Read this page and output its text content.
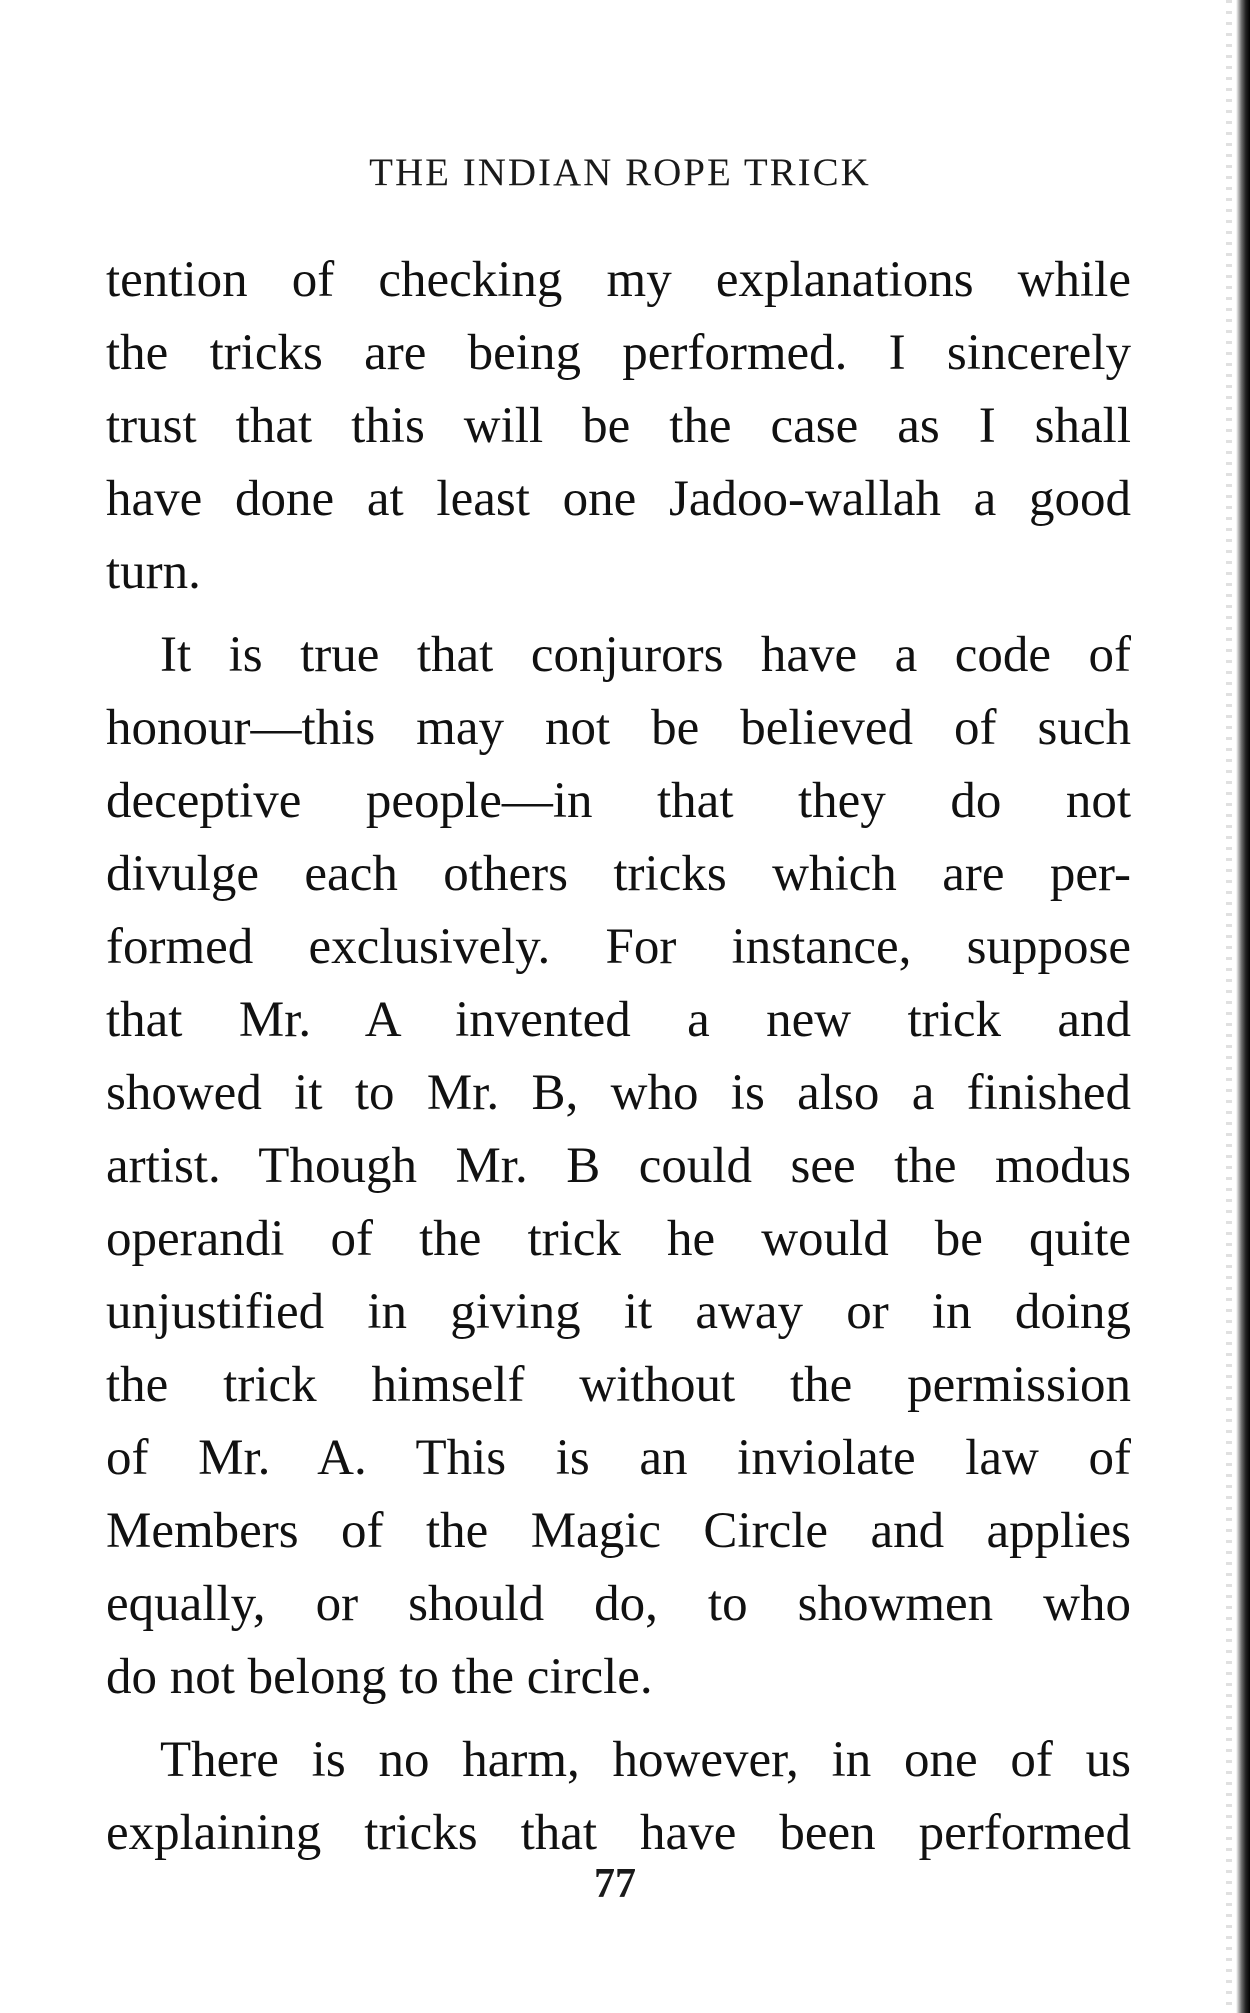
THE INDIAN ROPE TRICK
tention of checking my explanations while
the tricks are being performed. I sincerely
trust that this will be the case as I shall
have done at least one Jadoo-wallah a good
turn.
It is true that conjurors have a code of
honour—this may not be believed of such
deceptive people—in that they do not
divulge each others tricks which are per-
formed exclusively. For instance, suppose
that Mr. A invented a new trick and
showed it to Mr. B, who is also a finished
artist. Though Mr. B could see the modus
operandi of the trick he would be quite
unjustified in giving it away or in doing
the trick himself without the permission
of Mr. A. This is an inviolate law of
Members of the Magic Circle and applies
equally, or should do, to showmen who
do not belong to the circle.
There is no harm, however, in one of us
explaining tricks that have been performed
77
